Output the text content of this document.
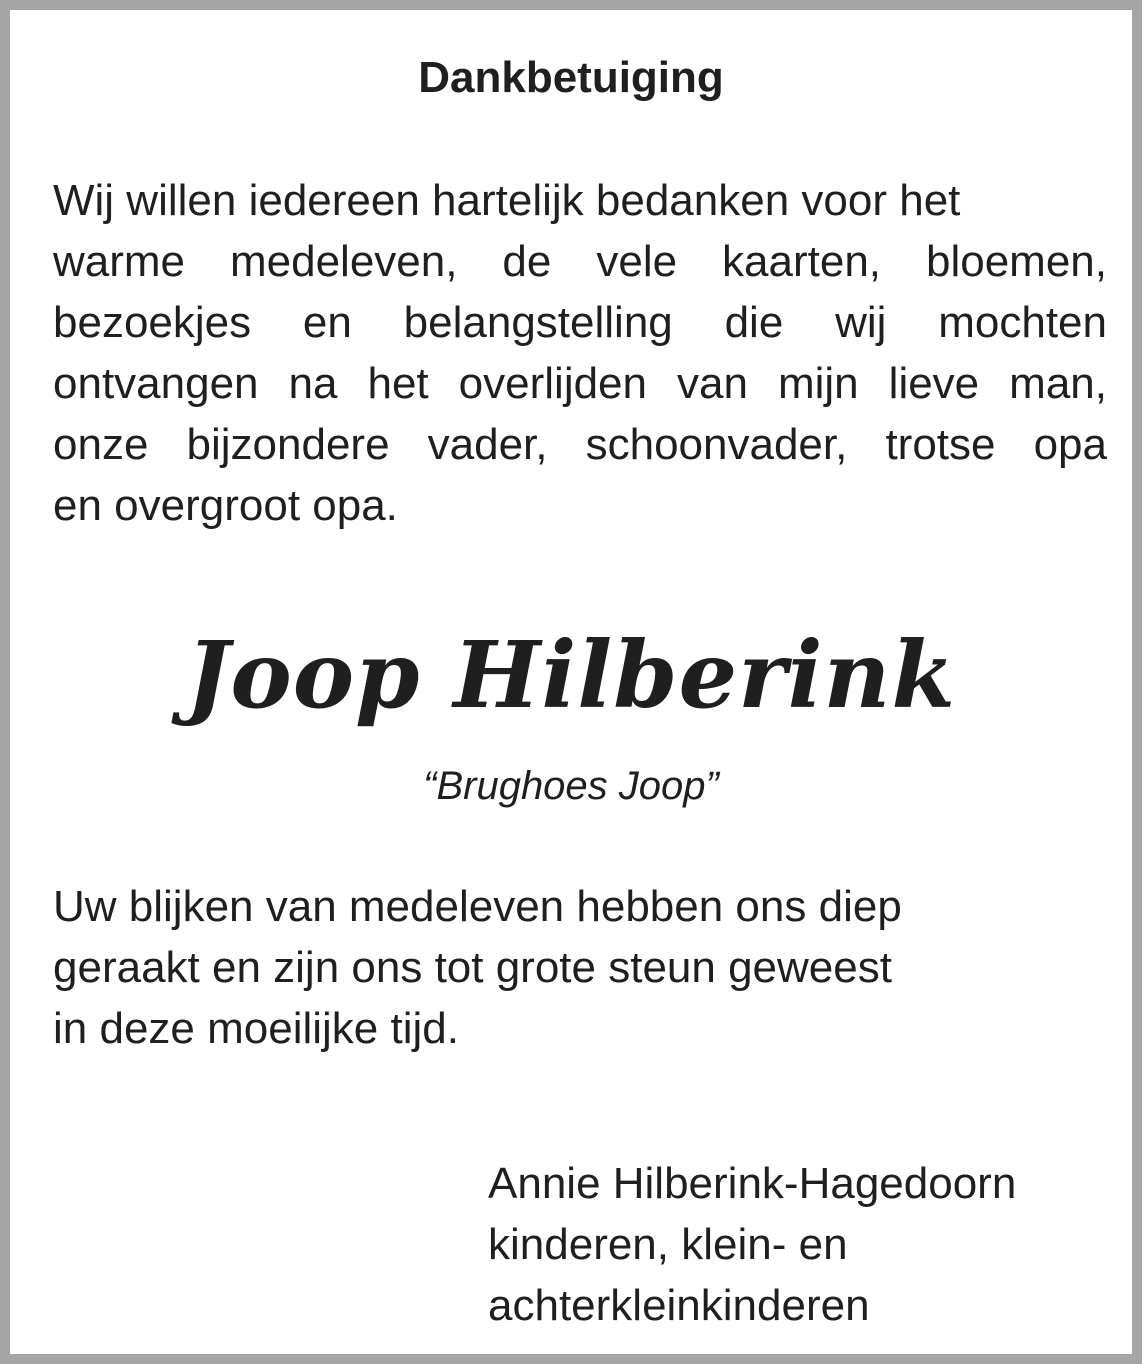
Dankbetuiging
Wij willen iedereen hartelijk bedanken voor het
warme medeleven, de vele kaarten, bloemen,
bezoekjes en belangstelling die wij mochten
ontvangen na het overlijden van mijn lieve man,
onze bijzondere vader, schoonvader, trotse opa
en overgroot opa.
Joop Hilberink
“Brughoes Joop”
Uw blijken van medeleven hebben ons diep
geraakt en zijn ons tot grote steun geweest
in deze moeilijke tijd.
Annie Hilberink-Hagedoorn
kinderen, klein- en
achterkleinkinderen
